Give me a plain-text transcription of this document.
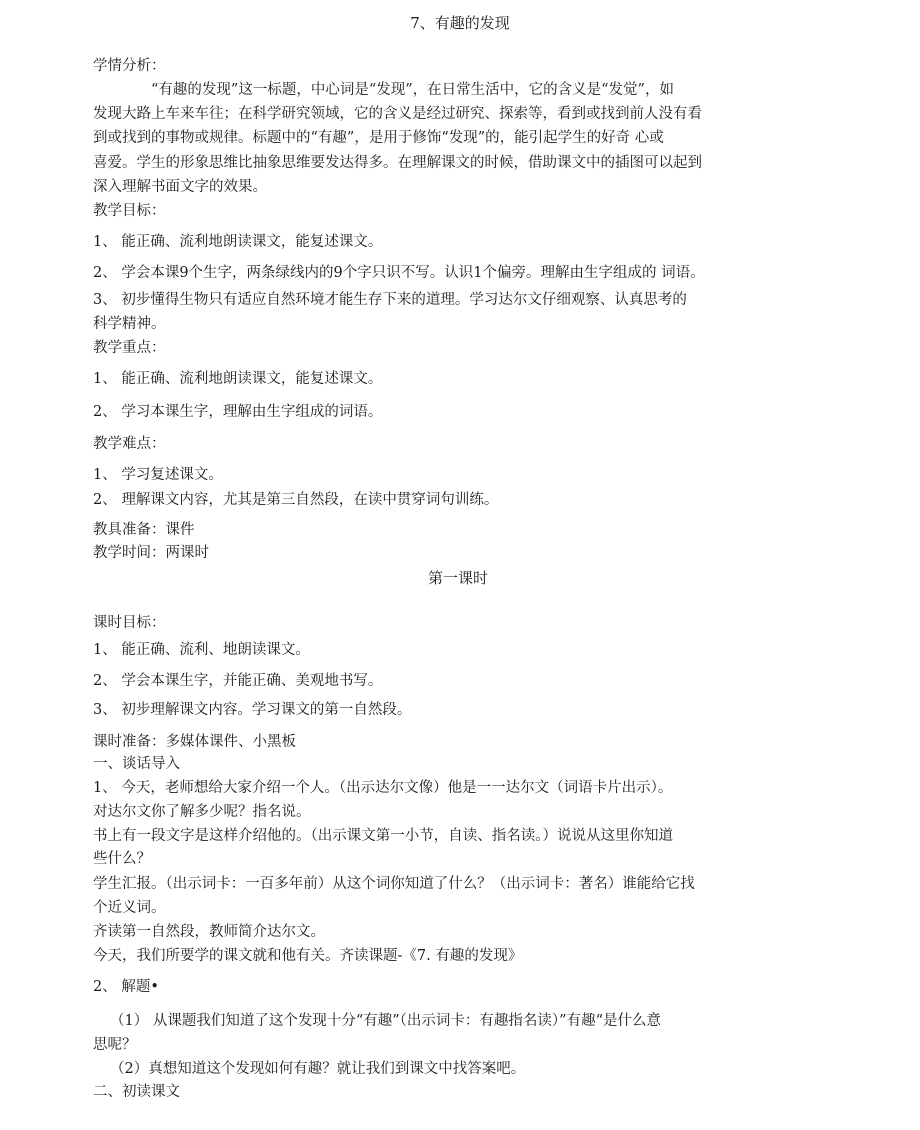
7、有趣的发现
学情分析：
“有趣的发现”这一标题，中心词是“发现”，在日常生活中，它的含义是“发觉”，如
发现大路上车来车往；在科学研究领域，它的含义是经过研究、探索等，看到或找到前人没有看
到或找到的事物或规律。标题中的“有趣”，是用于修饰“发现”的，能引起学生的好奇 心或
喜爱。学生的形象思维比抽象思维要发达得多。在理解课文的时候，借助课文中的插图可以起到
深入理解书面文字的效果。
教学目标：
1、 能正确、流利地朗读课文，能复述课文。
2、 学会本课9个生字，两条绿线内的9个字只识不写。认识1个偏旁。理解由生字组成的 词语。
3、 初步懂得生物只有适应自然环境才能生存下来的道理。学习达尔文仔细观察、认真思考的
科学精神。
教学重点：
1、 能正确、流利地朗读课文，能复述课文。
2、 学习本课生字，理解由生字组成的词语。
教学难点：
1、 学习复述课文。
2、 理解课文内容，尤其是第三自然段，在读中贯穿词句训练。
教具准备：课件
教学时间：两课时
第一课时
课时目标：
1、 能正确、流利、地朗读课文。
2、 学会本课生字，并能正确、美观地书写。
3、 初步理解课文内容。学习课文的第一自然段。
课时准备：多媒体课件、小黑板
一、谈话导入
1、 今天，老师想给大家介绍一个人。（出示达尔文像）他是一一达尔文（词语卡片出示）。
对达尔文你了解多少呢？指名说。
书上有一段文字是这样介绍他的。（出示课文第一小节，自读、指名读。）说说从这里你知道
些什么？
学生汇报。（出示词卡：一百多年前）从这个词你知道了什么？（出示词卡：著名）谁能给它找
个近义词。
齐读第一自然段，教师简介达尔文。
今天，我们所要学的课文就和他有关。齐读课题-《7. 有趣的发现》
2、 解题•
（1） 从课题我们知道了这个发现十分“有趣”（出示词卡：有趣指名读）”有趣“是什么意
思呢？
（2）真想知道这个发现如何有趣？就让我们到课文中找答案吧。
二、初读课文
